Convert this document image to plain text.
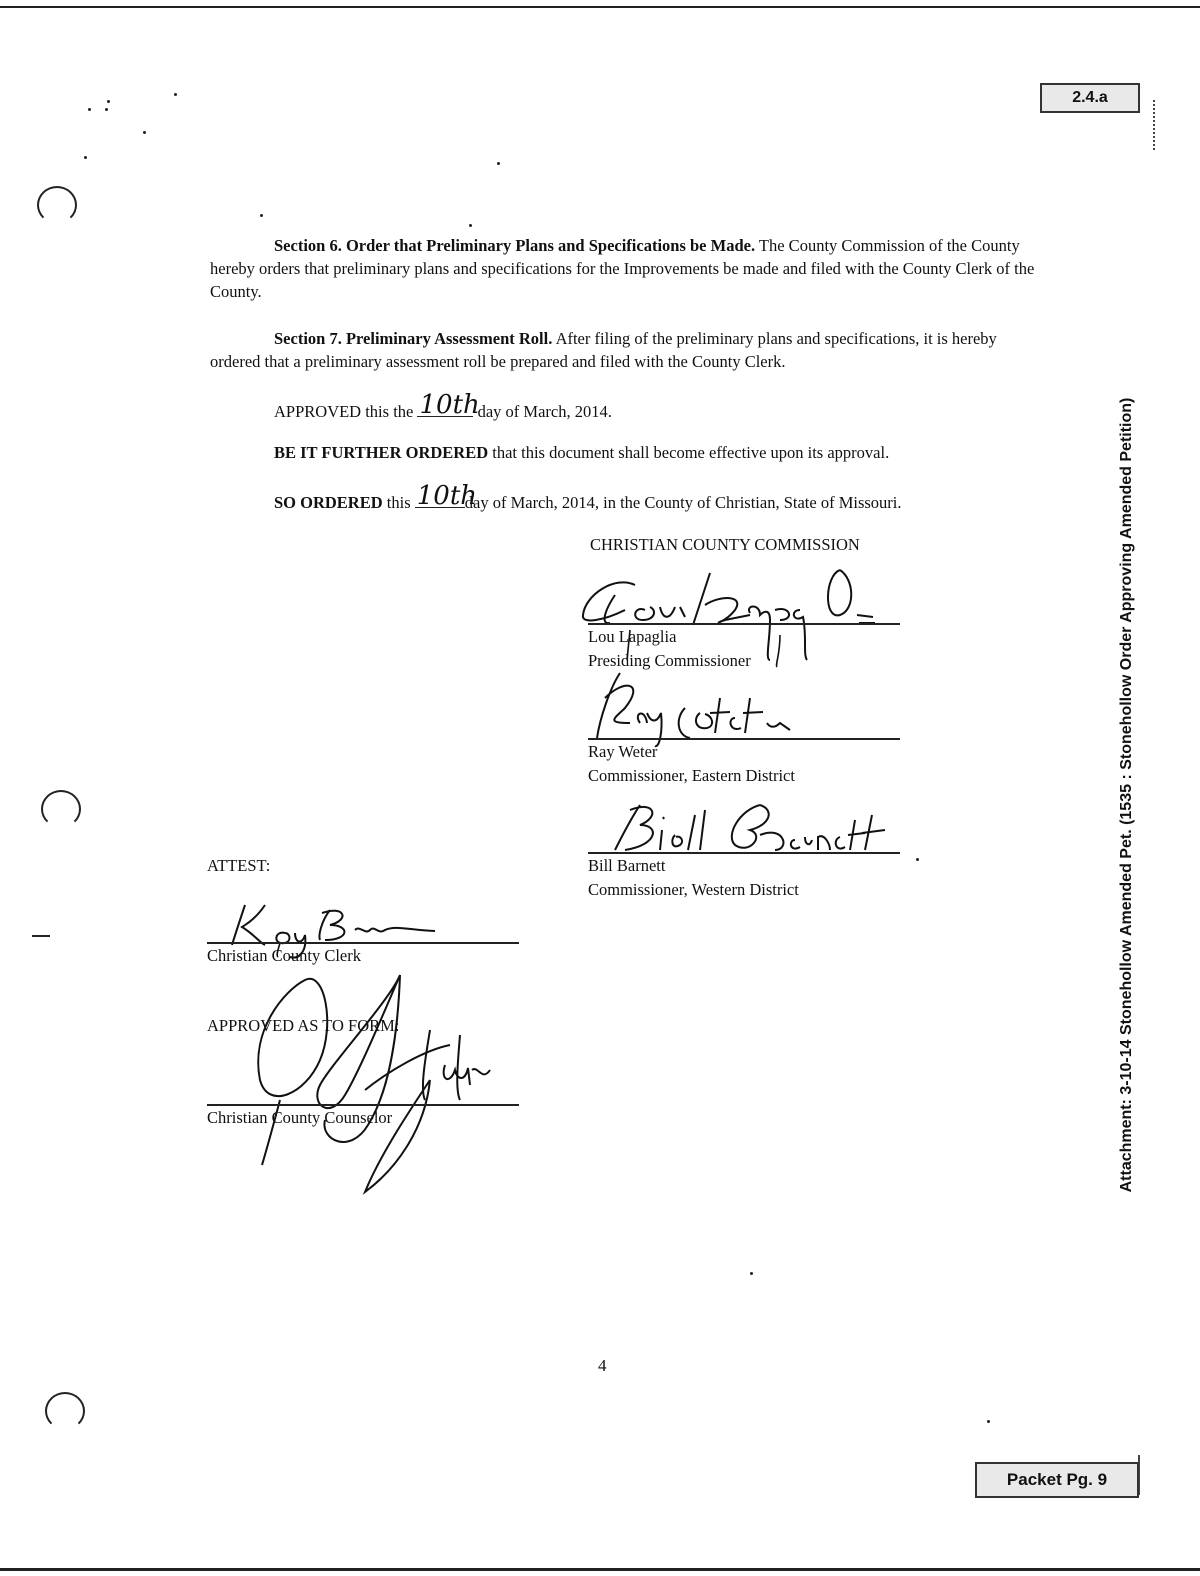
2.4.a
Attachment: 3-10-14 Stonehollow Amended Pet. (1535 : Stonehollow Order Approving Amended Petition)
Section 6. Order that Preliminary Plans and Specifications be Made. The County Commission of the County hereby orders that preliminary plans and specifications for the Improvements be made and filed with the County Clerk of the County.
Section 7. Preliminary Assessment Roll. After filing of the preliminary plans and specifications, it is hereby ordered that a preliminary assessment roll be prepared and filed with the County Clerk.
APPROVED this the 10th
day of March, 2014.
BE IT FURTHER ORDERED that this document shall become effective upon its approval.
SO ORDERED this 10th
day of March, 2014, in the County of Christian, State of Missouri.
CHRISTIAN COUNTY COMMISSION
Lou Lapaglia
Presiding Commissioner
Ray Weter
Commissioner, Eastern District
Bill Barnett
Commissioner, Western District
ATTEST:
Christian County Clerk
APPROVED AS TO FORM:
Christian County Counselor
4
Packet Pg. 9
